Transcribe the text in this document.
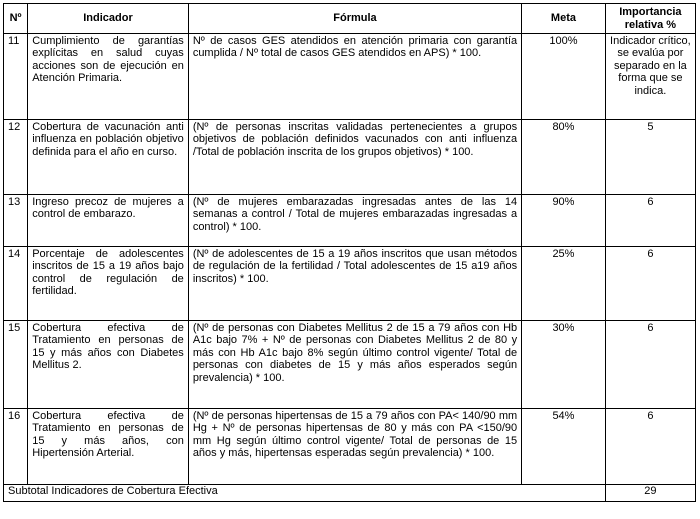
Nº	Indicador	Fórmula	Meta	Importancia relativa %
11	Cumplimiento de garantías explícitas en salud cuyas acciones son de ejecución en Atención Primaria.	Nº de casos GES atendidos en atención primaria con garantía cumplida / Nº total de casos GES atendidos en APS) * 100.	100%	Indicador crítico, se evalúa por separado en la forma que se indica.
12	Cobertura de vacunación anti influenza en población objetivo definida para el año en curso.	(Nº de personas inscritas validadas pertenecientes a grupos objetivos de población definidos vacunados con anti influenza /Total de población inscrita de los grupos objetivos) * 100.	80%	5
13	Ingreso precoz de mujeres a control de embarazo.	(Nº de mujeres embarazadas ingresadas antes de las 14 semanas a control / Total de mujeres embarazadas ingresadas a control) * 100.	90%	6
14	Porcentaje de adolescentes inscritos de 15 a 19 años bajo control de regulación de fertilidad.	(Nº de adolescentes de 15 a 19 años inscritos que usan métodos de regulación de la fertilidad / Total adolescentes de 15 a19 años inscritos) * 100.	25%	6
15	Cobertura efectiva de Tratamiento en personas de 15 y más años con Diabetes Mellitus 2.	(Nº de personas con Diabetes Mellitus 2 de 15 a 79 años con Hb A1c bajo 7% + Nº de personas con Diabetes Mellitus 2 de 80 y más con Hb A1c bajo 8% según último control vigente/ Total de personas con diabetes de 15 y más años esperados según prevalencia) * 100.	30%	6
16	Cobertura efectiva de Tratamiento en personas de 15 y más años, con Hipertensión Arterial.	(Nº de personas hipertensas de 15 a 79 años con PA< 140/90 mm Hg + Nº de personas hipertensas de 80 y más con PA <150/90 mm Hg según último control vigente/ Total de personas de 15 años y más, hipertensas esperadas según prevalencia) * 100.	54%	6
Subtotal Indicadores de Cobertura Efectiva				29
